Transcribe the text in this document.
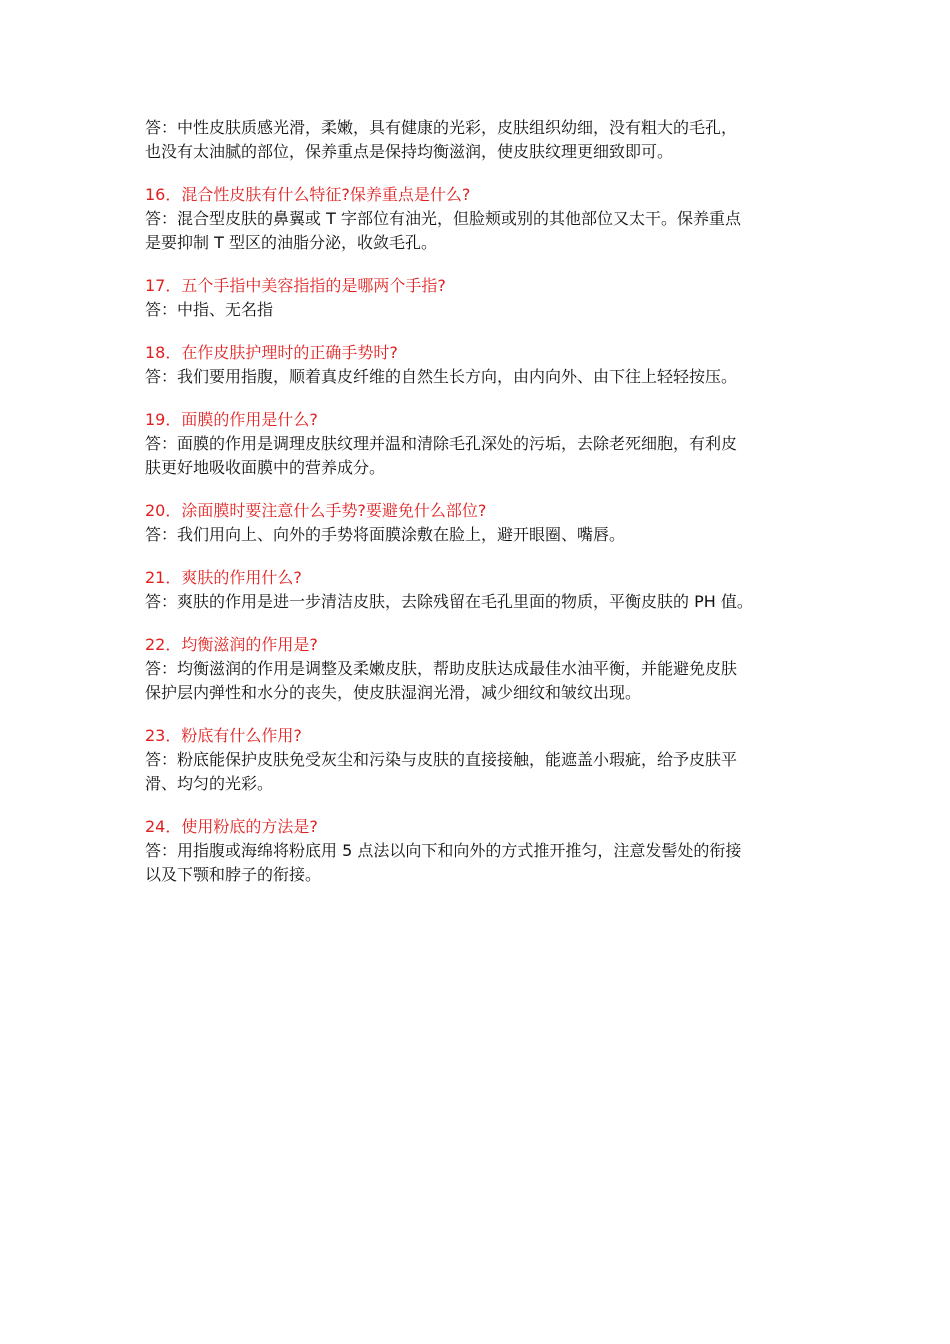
答：中性皮肤质感光滑，柔嫩，具有健康的光彩，皮肤组织幼细，没有粗大的毛孔，
也没有太油腻的部位，保养重点是保持均衡滋润，使皮肤纹理更细致即可。
16．混合性皮肤有什么特征?保养重点是什么?
答：混合型皮肤的鼻翼或 T 字部位有油光，但脸颊或别的其他部位又太干。保养重点
是要抑制 T 型区的油脂分泌，收敛毛孔。
17．五个手指中美容指指的是哪两个手指?
答：中指、无名指
18．在作皮肤护理时的正确手势时?
答：我们要用指腹，顺着真皮纤维的自然生长方向，由内向外、由下往上轻轻按压。
19．面膜的作用是什么?
答：面膜的作用是调理皮肤纹理并温和清除毛孔深处的污垢，去除老死细胞，有利皮
肤更好地吸收面膜中的营养成分。
20．涂面膜时要注意什么手势?要避免什么部位?
答：我们用向上、向外的手势将面膜涂敷在脸上，避开眼圈、嘴唇。
21．爽肤的作用什么?
答：爽肤的作用是进一步清洁皮肤，去除残留在毛孔里面的物质，平衡皮肤的 PH 值。
22．均衡滋润的作用是?
答：均衡滋润的作用是调整及柔嫩皮肤，帮助皮肤达成最佳水油平衡，并能避免皮肤
保护层内弹性和水分的丧失，使皮肤湿润光滑，减少细纹和皱纹出现。
23．粉底有什么作用?
答：粉底能保护皮肤免受灰尘和污染与皮肤的直接接触，能遮盖小瑕疵，给予皮肤平
滑、均匀的光彩。
24．使用粉底的方法是?
答：用指腹或海绵将粉底用 5 点法以向下和向外的方式推开推匀，注意发髻处的衔接
以及下颚和脖子的衔接。
